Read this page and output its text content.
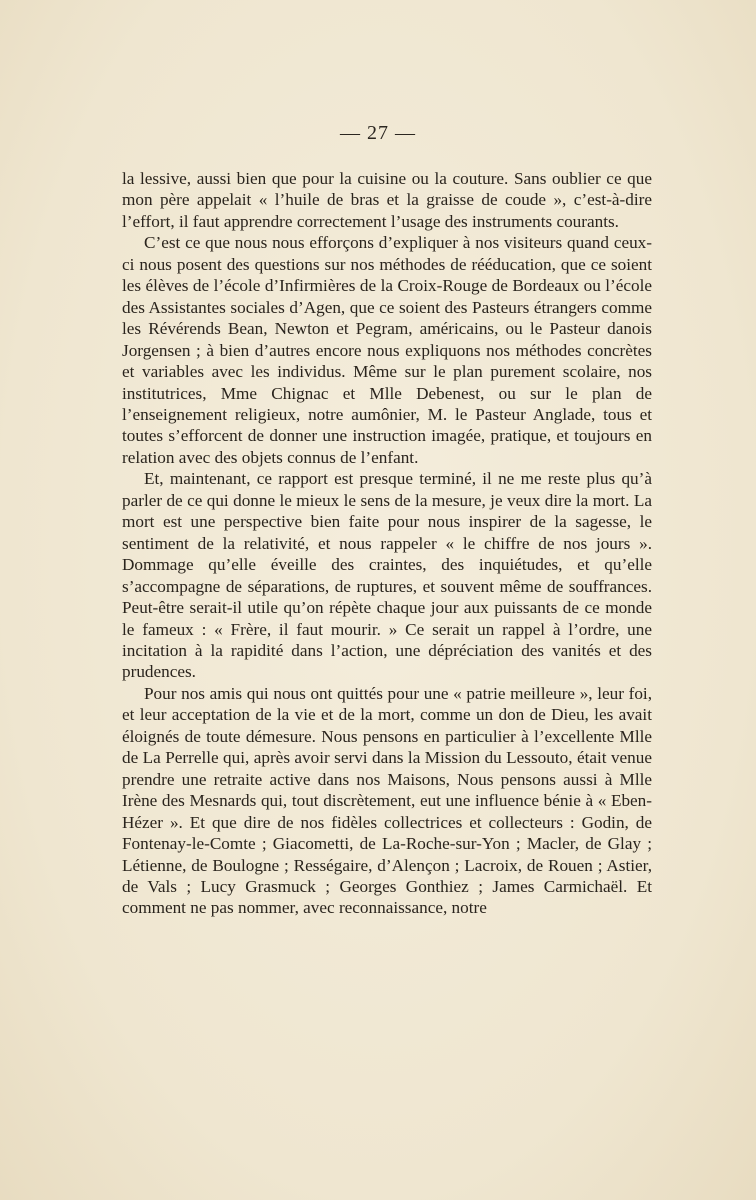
— 27 —

la lessive, aussi bien que pour la cuisine ou la couture. Sans oublier ce que mon père appelait « l’huile de bras et la graisse de coude », c’est-à-dire l’effort, il faut apprendre correctement l’usage des instruments courants.

C’est ce que nous nous efforçons d’expliquer à nos visiteurs quand ceux-ci nous posent des questions sur nos méthodes de rééducation, que ce soient les élèves de l’école d’Infirmières de la Croix-Rouge de Bordeaux ou l’école des Assistantes sociales d’Agen, que ce soient des Pasteurs étrangers comme les Révérends Bean, Newton et Pegram, américains, ou le Pasteur danois Jorgensen ; à bien d’autres encore nous expliquons nos méthodes concrètes et variables avec les individus. Même sur le plan purement scolaire, nos institutrices, Mme Chignac et Mlle Debenest, ou sur le plan de l’enseignement religieux, notre aumônier, M. le Pasteur Anglade, tous et toutes s’efforcent de donner une instruction imagée, pratique, et toujours en relation avec des objets connus de l’enfant.

Et, maintenant, ce rapport est presque terminé, il ne me reste plus qu’à parler de ce qui donne le mieux le sens de la mesure, je veux dire la mort. La mort est une perspective bien faite pour nous inspirer de la sagesse, le sentiment de la relativité, et nous rappeler « le chiffre de nos jours ». Dommage qu’elle éveille des craintes, des inquiétudes, et qu’elle s’accompagne de séparations, de ruptures, et souvent même de souffrances. Peut-être serait-il utile qu’on répète chaque jour aux puissants de ce monde le fameux : « Frère, il faut mourir. » Ce serait un rappel à l’ordre, une incitation à la rapidité dans l’action, une dépréciation des vanités et des prudences.

Pour nos amis qui nous ont quittés pour une « patrie meilleure », leur foi, et leur acceptation de la vie et de la mort, comme un don de Dieu, les avait éloignés de toute démesure. Nous pensons en particulier à l’excellente Mlle de La Perrelle qui, après avoir servi dans la Mission du Lessouto, était venue prendre une retraite active dans nos Maisons, Nous pensons aussi à Mlle Irène des Mesnards qui, tout discrètement, eut une influence bénie à « Eben-Hézer ». Et que dire de nos fidèles collectrices et collecteurs : Godin, de Fontenay-le-Comte ; Giacometti, de La-Roche-sur-Yon ; Macler, de Glay ; Létienne, de Boulogne ; Rességaire, d’Alençon ; Lacroix, de Rouen ; Astier, de Vals ; Lucy Grasmuck ; Georges Gonthiez ; James Carmichaël. Et comment ne pas nommer, avec reconnaissance, notre
